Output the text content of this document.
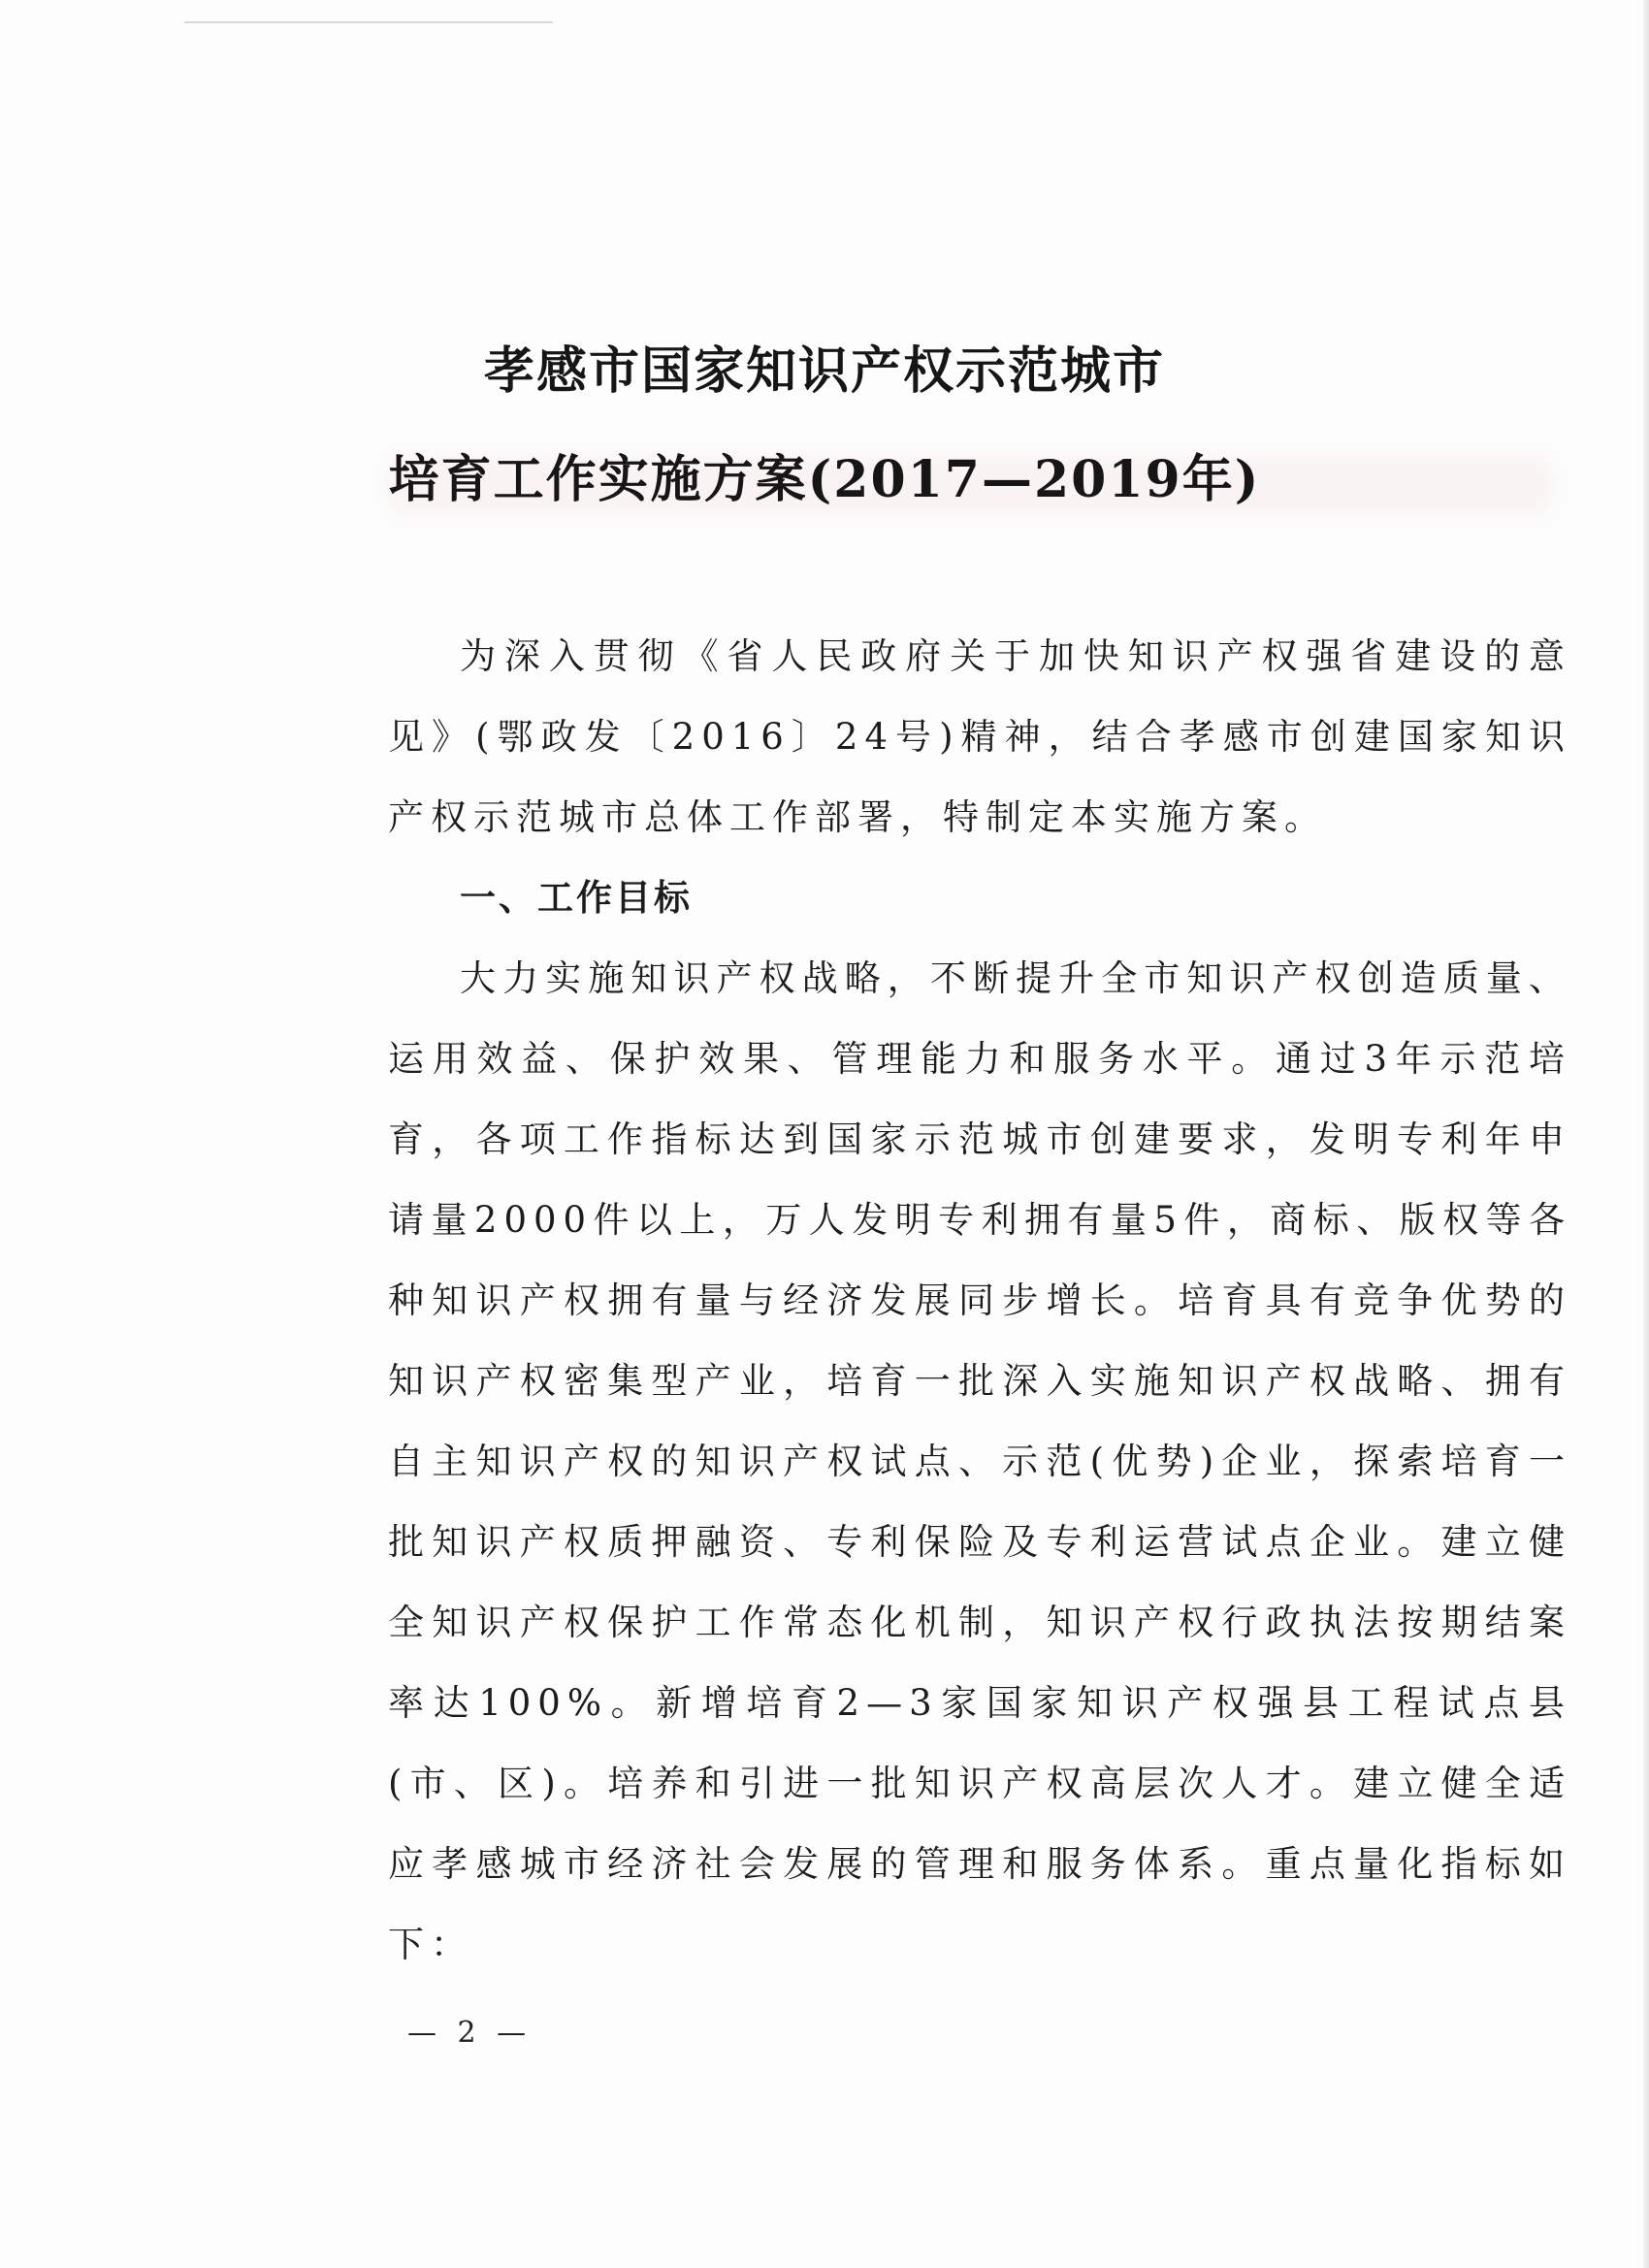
孝感市国家知识产权示范城市
培育工作实施方案(2017—2019年)

为深入贯彻《省人民政府关于加快知识产权强省建设的意见》(鄂政发〔2016〕24号)精神，结合孝感市创建国家知识产权示范城市总体工作部署，特制定本实施方案。

一、工作目标

大力实施知识产权战略，不断提升全市知识产权创造质量、运用效益、保护效果、管理能力和服务水平。通过3年示范培育，各项工作指标达到国家示范城市创建要求，发明专利年申请量2000件以上，万人发明专利拥有量5件，商标、版权等各种知识产权拥有量与经济发展同步增长。培育具有竞争优势的知识产权密集型产业，培育一批深入实施知识产权战略、拥有自主知识产权的知识产权试点、示范(优势)企业，探索培育一批知识产权质押融资、专利保险及专利运营试点企业。建立健全知识产权保护工作常态化机制，知识产权行政执法按期结案率达100%。新增培育2—3家国家知识产权强县工程试点县(市、区)。培养和引进一批知识产权高层次人才。建立健全适应孝感城市经济社会发展的管理和服务体系。重点量化指标如下：

— 2 —
